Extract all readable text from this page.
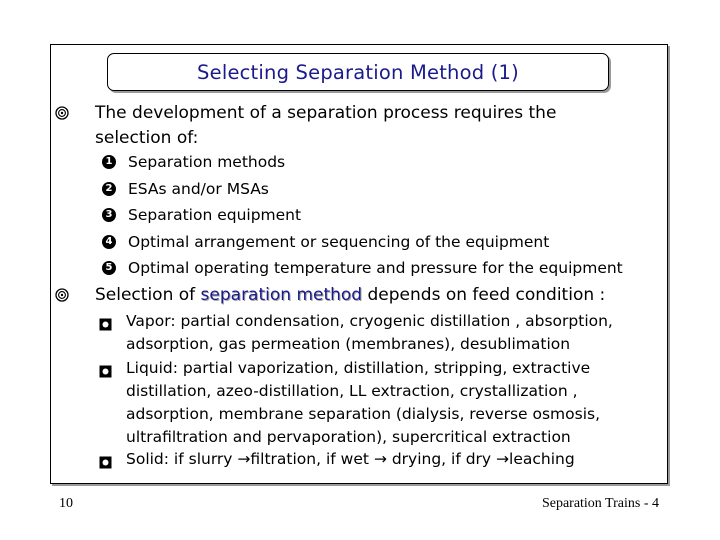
Selecting Separation Method (1)
The development of a separation process requires the
selection of:
1 Separation methods
2 ESAs and/or MSAs
3 Separation equipment
4 Optimal arrangement or sequencing of the equipment
5 Optimal operating temperature and pressure for the equipment
Selection of separation method depends on feed condition :
Vapor: partial condensation, cryogenic distillation , absorption,
adsorption, gas permeation (membranes), desublimation
Liquid: partial vaporization, distillation, stripping, extractive
distillation, azeo-distillation, LL extraction, crystallization ,
adsorption, membrane separation (dialysis, reverse osmosis,
ultrafiltration and pervaporation), supercritical extraction
Solid: if slurry →filtration, if wet → drying, if dry →leaching
10	Separation Trains - 4
